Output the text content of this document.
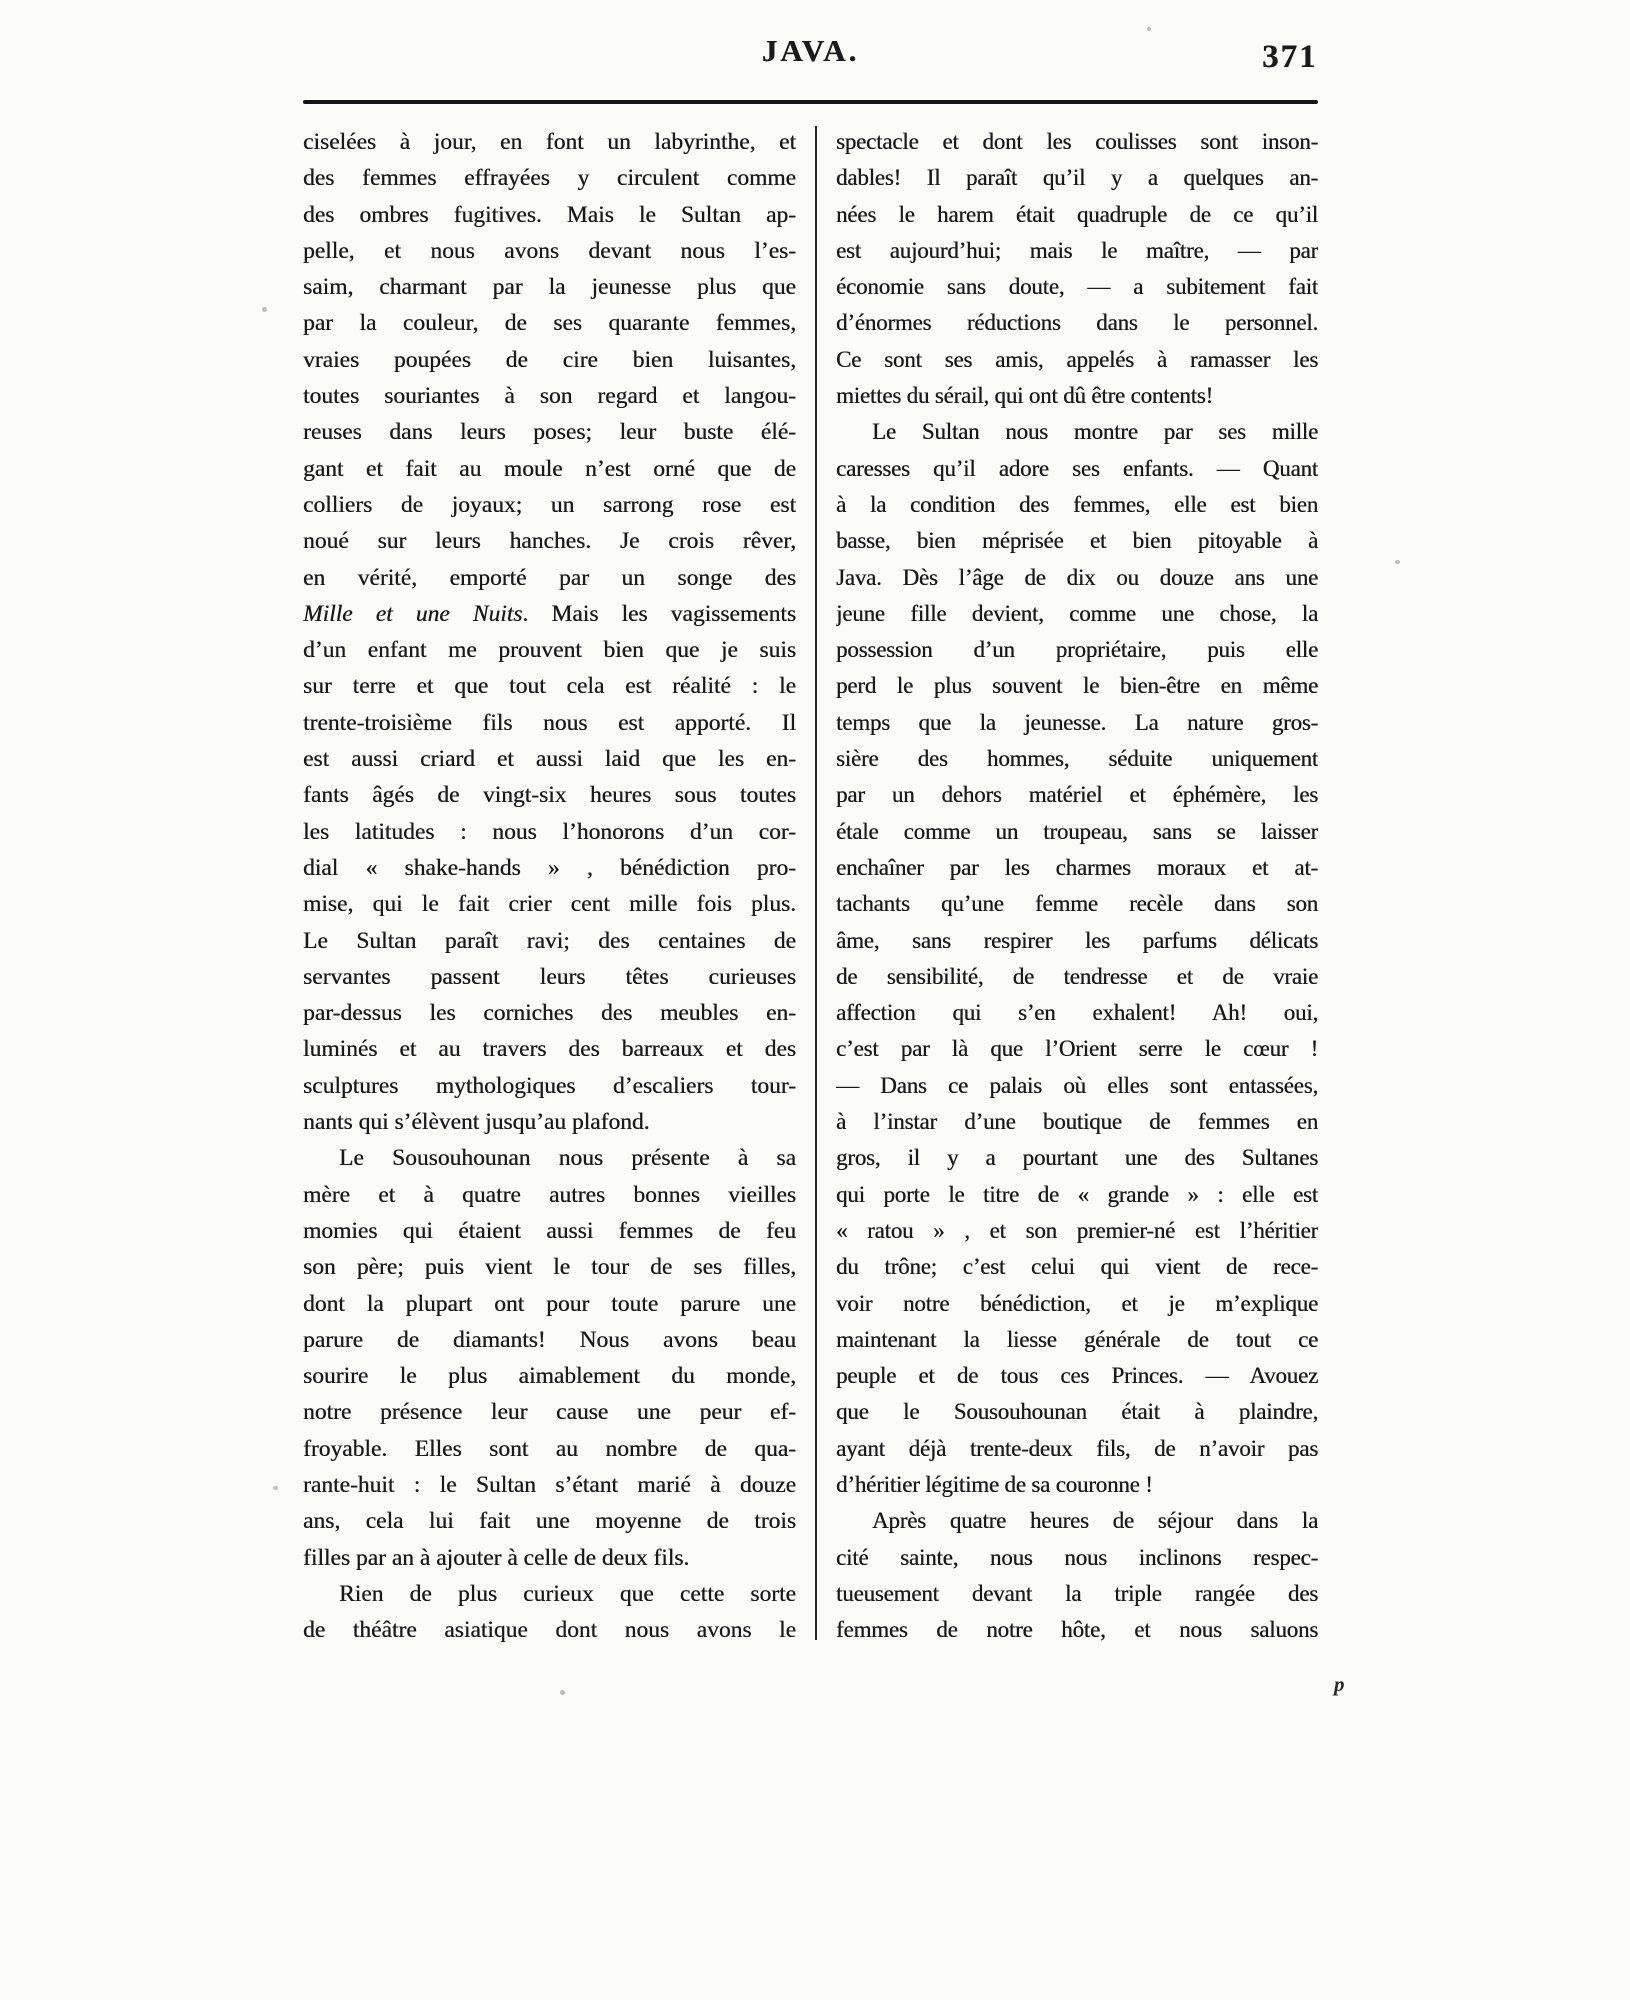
JAVA.	371
ciselées à jour, en font un labyrinthe, et
des femmes effrayées y circulent comme
des ombres fugitives. Mais le Sultan ap-
pelle, et nous avons devant nous l’es-
saim, charmant par la jeunesse plus que
par la couleur, de ses quarante femmes,
vraies poupées de cire bien luisantes,
toutes souriantes à son regard et langou-
reuses dans leurs poses; leur buste élé-
gant et fait au moule n’est orné que de
colliers de joyaux; un sarrong rose est
noué sur leurs hanches. Je crois rêver,
en vérité, emporté par un songe des
Mille et une Nuits. Mais les vagissements
d’un enfant me prouvent bien que je suis
sur terre et que tout cela est réalité : le
trente-troisième fils nous est apporté. Il
est aussi criard et aussi laid que les en-
fants âgés de vingt-six heures sous toutes
les latitudes : nous l’honorons d’un cor-
dial « shake-hands » , bénédiction pro-
mise, qui le fait crier cent mille fois plus.
Le Sultan paraît ravi; des centaines de
servantes passent leurs têtes curieuses
par-dessus les corniches des meubles en-
luminés et au travers des barreaux et des
sculptures mythologiques d’escaliers tour-
nants qui s’élèvent jusqu’au plafond.
Le Sousouhounan nous présente à sa
mère et à quatre autres bonnes vieilles
momies qui étaient aussi femmes de feu
son père; puis vient le tour de ses filles,
dont la plupart ont pour toute parure une
parure de diamants! Nous avons beau
sourire le plus aimablement du monde,
notre présence leur cause une peur ef-
froyable. Elles sont au nombre de qua-
rante-huit : le Sultan s’étant marié à douze
ans, cela lui fait une moyenne de trois
filles par an à ajouter à celle de deux fils.
Rien de plus curieux que cette sorte
de théâtre asiatique dont nous avons le
spectacle et dont les coulisses sont inson-
dables! Il paraît qu’il y a quelques an-
nées le harem était quadruple de ce qu’il
est aujourd’hui; mais le maître, — par
économie sans doute, — a subitement fait
d’énormes réductions dans le personnel.
Ce sont ses amis, appelés à ramasser les
miettes du sérail, qui ont dû être contents!
Le Sultan nous montre par ses mille
caresses qu’il adore ses enfants. — Quant
à la condition des femmes, elle est bien
basse, bien méprisée et bien pitoyable à
Java. Dès l’âge de dix ou douze ans une
jeune fille devient, comme une chose, la
possession d’un propriétaire, puis elle
perd le plus souvent le bien-être en même
temps que la jeunesse. La nature gros-
sière des hommes, séduite uniquement
par un dehors matériel et éphémère, les
étale comme un troupeau, sans se laisser
enchaîner par les charmes moraux et at-
tachants qu’une femme recèle dans son
âme, sans respirer les parfums délicats
de sensibilité, de tendresse et de vraie
affection qui s’en exhalent! Ah! oui,
c’est par là que l’Orient serre le cœur !
— Dans ce palais où elles sont entassées,
à l’instar d’une boutique de femmes en
gros, il y a pourtant une des Sultanes
qui porte le titre de « grande » : elle est
« ratou » , et son premier-né est l’héritier
du trône; c’est celui qui vient de rece-
voir notre bénédiction, et je m’explique
maintenant la liesse générale de tout ce
peuple et de tous ces Princes. — Avouez
que le Sousouhounan était à plaindre,
ayant déjà trente-deux fils, de n’avoir pas
d’héritier légitime de sa couronne !
Après quatre heures de séjour dans la
cité sainte, nous nous inclinons respec-
tueusement devant la triple rangée des
femmes de notre hôte, et nous saluons
p
